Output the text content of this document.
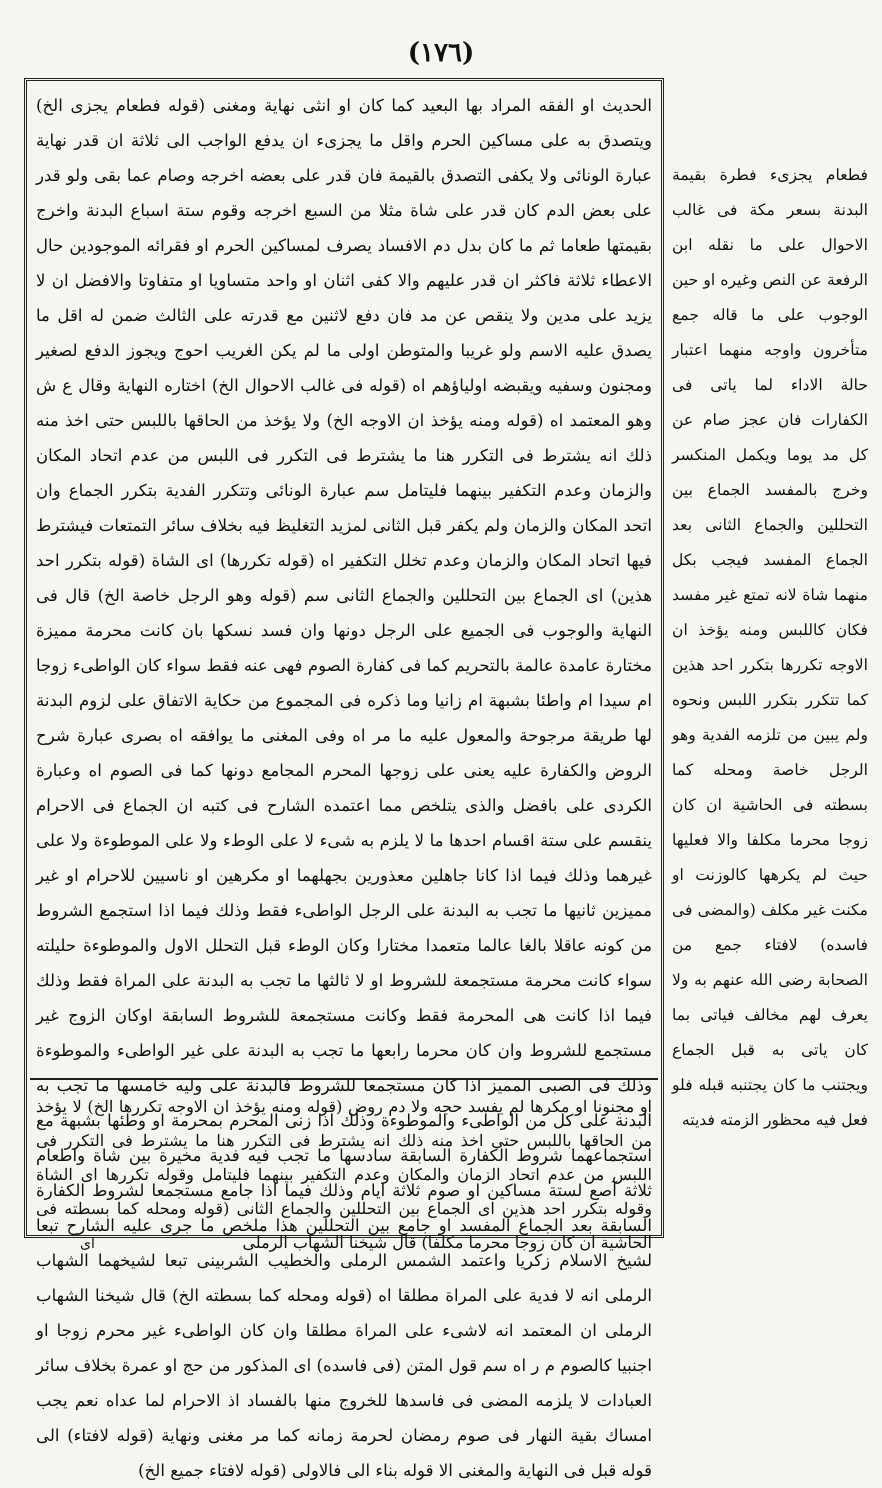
(١٧٦)

الحديث او الفقه المراد بها البعيد كما كان او انثى نهاية ومغنى (قوله فطعام يجزى الخ) ويتصدق به على مساكين الحرم واقل ما يجزىء ان يدفع الواجب الى ثلاثة ان قدر نهاية عبارة الونائى ولا يكفى التصدق بالقيمة فان قدر على بعضه اخرجه وصام عما بقى ولو قدر على بعض الدم كان قدر على شاة مثلا من السبع اخرجه وقوم ستة اسباع البدنة واخرج بقيمتها طعاما ثم ما كان بدل دم الافساد يصرف لمساكين الحرم او فقرائه الموجودين حال الاعطاء ثلاثة فاكثر ان قدر عليهم والا كفى اثنان او واحد متساويا او متفاوتا والافضل ان لا يزيد على مدين ولا ينقص عن مد فان دفع لاثنين مع قدرته على الثالث ضمن له اقل ما يصدق عليه الاسم ولو غريبا والمتوطن اولى ما لم يكن الغريب احوج ويجوز الدفع لصغير ومجنون وسفيه ويقبضه اولياؤهم اه (قوله فى غالب الاحوال الخ) اختاره النهاية وقال ع ش وهو المعتمد اه (قوله ومنه يؤخذ ان الاوجه الخ) ولا يؤخذ من الحاقها باللبس حتى اخذ منه ذلك انه يشترط فى التكرر هنا ما يشترط فى التكرر فى اللبس من عدم اتحاد المكان والزمان وعدم التكفير بينهما فليتامل سم عبارة الونائى وتتكرر الفدية بتكرر الجماع وان اتحد المكان والزمان ولم يكفر قبل الثانى لمزيد التغليظ فيه بخلاف سائر التمتعات فيشترط فيها اتحاد المكان والزمان وعدم تخلل التكفير اه (قوله تكررها) اى الشاة (قوله بتكرر احد هذين) اى الجماع بين التحللين والجماع الثانى سم (قوله وهو الرجل خاصة الخ) قال فى النهاية والوجوب فى الجميع على الرجل دونها وان فسد نسكها بان كانت محرمة مميزة مختارة عامدة عالمة بالتحريم كما فى كفارة الصوم فهى عنه فقط سواء كان الواطىء زوجا ام سيدا ام واطئا بشبهة ام زانيا وما ذكره فى المجموع من حكاية الاتفاق على لزوم البدنة لها طريقة مرجوحة والمعول عليه ما مر اه وفى المغنى ما يوافقه اه بصرى عبارة شرح الروض والكفارة عليه يعنى على زوجها المحرم المجامع دونها كما فى الصوم اه وعبارة الكردى على بافضل والذى يتلخص مما اعتمده الشارح فى كتبه ان الجماع فى الاحرام ينقسم على ستة اقسام احدها ما لا يلزم به شىء لا على الوطء ولا على الموطوءة ولا على غيرهما وذلك فيما اذا كانا جاهلين معذورين بجهلهما او مكرهين او ناسيين للاحرام او غير مميزين ثانيها ما تجب به البدنة على الرجل الواطىء فقط وذلك فيما اذا استجمع الشروط من كونه عاقلا بالغا عالما متعمدا مختارا وكان الوطء قبل التحلل الاول والموطوءة حليلته سواء كانت محرمة مستجمعة للشروط او لا ثالثها ما تجب به البدنة على المراة فقط وذلك فيما اذا كانت هى المحرمة فقط وكانت مستجمعة للشروط السابقة اوكان الزوج غير مستجمع للشروط وان كان محرما رابعها ما تجب به البدنة على غير الواطىء والموطوءة وذلك فى الصبى المميز اذا كان مستجمعا للشروط فالبدنة على وليه خامسها ما تجب به البدنة على كل من الواطىء والموطوءة وذلك اذا زنى المحرم بمحرمة او وطئها بشبهة مع استجماعهما شروط الكفارة السابقة سادسها ما تجب فيه فدية مخيرة بين شاة واطعام ثلاثة آصع لستة مساكين او صوم ثلاثة ايام وذلك فيما اذا جامع مستجمعا لشروط الكفارة السابقة بعد الجماع المفسد او جامع بين التحللين هذا ملخص ما جرى عليه الشارح تبعا لشيخ الاسلام زكريا واعتمد الشمس الرملى والخطيب الشربينى تبعا لشيخهما الشهاب الرملى انه لا فدية على المراة مطلقا اه (قوله ومحله كما بسطته الخ) قال شيخنا الشهاب الرملى ان المعتمد انه لاشىء على المراة مطلقا وان كان الواطىء غير محرم زوجا او اجنبيا كالصوم م ر اه سم قول المتن (فى فاسده) اى المذكور من حج او عمرة بخلاف سائر العبادات لا يلزمه المضى فى فاسدها للخروج منها بالفساد اذ الاحرام لما عداه نعم يجب امساك بقية النهار فى صوم رمضان لحرمة زمانه كما مر مغنى ونهاية (قوله لافتاء) الى قوله قبل فى النهاية والمغنى الا قوله بناء الى فالاولى (قوله لافتاء جميع الخ)

او مجنونا او مكرها لم يفسد حجه ولا دم روض (قوله ومنه يؤخذ ان الاوجه تكررها الخ) لا يؤخذ من الحاقها باللبس حتى اخذ منه ذلك انه يشترط فى التكرر هنا ما يشترط فى التكرر فى اللبس من عدم اتحاد الزمان والمكان وعدم التكفير بينهما فليتامل وقوله تكررها اى الشاة وقوله بتكرر احد هذين اى الجماع بين التحللين والجماع الثانى (قوله ومحله كما بسطته فى الحاشية ان كان زوجا محرما مكلفا) قال شيخنا الشهاب الرملى

فطعام يجزىء فطرة بقيمة البدنة بسعر مكة فى غالب الاحوال على ما نقله ابن الرفعة عن النص وغيره او حين الوجوب على ما قاله جمع متأخرون واوجه منهما اعتبار حالة الاداء لما ياتى فى الكفارات فان عجز صام عن كل مد يوما ويكمل المنكسر وخرج بالمفسد الجماع بين التحللين والجماع الثانى بعد الجماع المفسد فيجب بكل منهما شاة لانه تمتع غير مفسد فكان كاللبس ومنه يؤخذ ان الاوجه تكررها بتكرر احد هذين كما تتكرر بتكرر اللبس ونحوه ولم يبين من تلزمه الفدية وهو الرجل خاصة ومحله كما بسطته فى الحاشية ان كان زوجا محرما مكلفا والا فعليها حيث لم يكرهها كالوزنت او مكنت غير مكلف (والمضى فى فاسده) لافتاء جمع من الصحابة رضى الله عنهم به ولا يعرف لهم مخالف فياتى بما كان ياتى به قبل الجماع ويجتنب ما كان يجتنبه قبله فلو فعل فيه محظور الزمته فديته

اى
